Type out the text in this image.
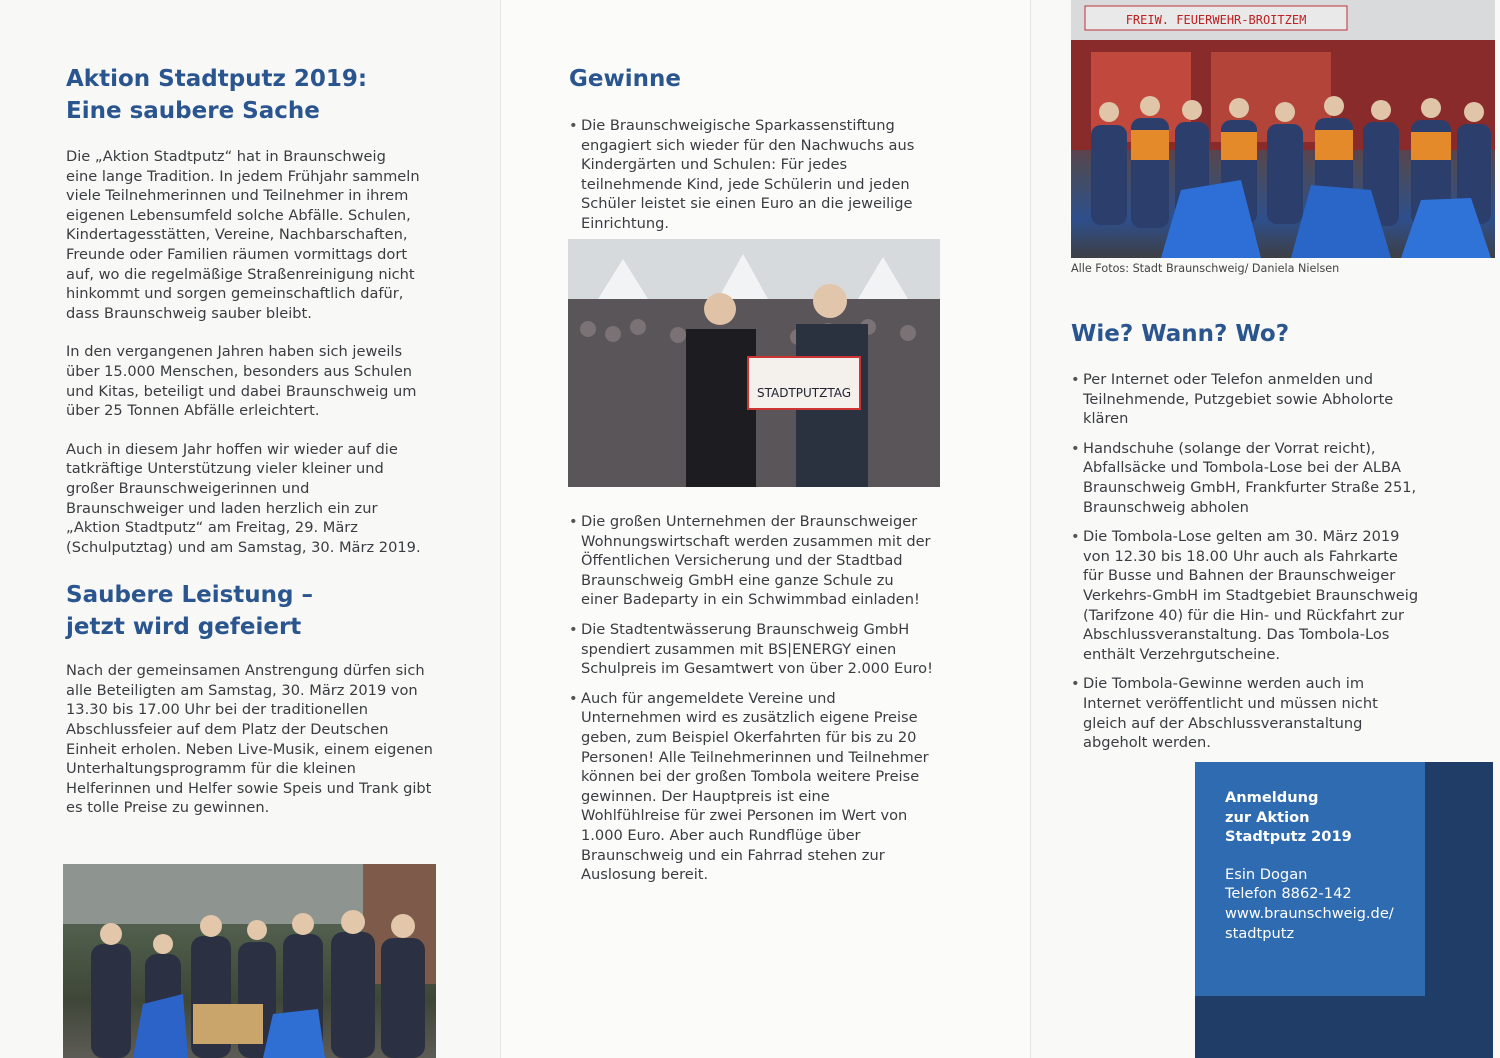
Aktion Stadtputz 2019:
Eine saubere Sache

Die „Aktion Stadtputz“ hat in Braunschweig eine lange Tradition. In jedem Frühjahr sammeln viele Teilnehmerinnen und Teilnehmer in ihrem eigenen Lebensumfeld solche Abfälle. Schulen, Kindertagesstätten, Vereine, Nachbarschaften, Freunde oder Familien räumen vormittags dort auf, wo die regelmäßige Straßenreinigung nicht hinkommt und sorgen gemeinschaftlich dafür, dass Braunschweig sauber bleibt.

In den vergangenen Jahren haben sich jeweils über 15.000 Menschen, besonders aus Schulen und Kitas, beteiligt und dabei Braunschweig um über 25 Tonnen Abfälle erleichtert.

Auch in diesem Jahr hoffen wir wieder auf die tatkräftige Unterstützung vieler kleiner und großer Braunschweigerinnen und Braunschweiger und laden herzlich ein zur „Aktion Stadtputz“ am Freitag, 29. März (Schulputztag) und am Samstag, 30. März 2019.

Saubere Leistung –
jetzt wird gefeiert

Nach der gemeinsamen Anstrengung dürfen sich alle Beteiligten am Samstag, 30. März 2019 von 13.30 bis 17.00 Uhr bei der traditionellen Abschlussfeier auf dem Platz der Deutschen Einheit erholen. Neben Live-Musik, einem eigenen Unterhaltungsprogramm für die kleinen Helferinnen und Helfer sowie Speis und Trank gibt es tolle Preise zu gewinnen.

Gewinne
• Die Braunschweigische Sparkassenstiftung engagiert sich wieder für den Nachwuchs aus Kindergärten und Schulen: Für jedes teilnehmende Kind, jede Schülerin und jeden Schüler leistet sie einen Euro an die jeweilige Einrichtung.
STADTPUTZTAG
• Die großen Unternehmen der Braunschweiger Wohnungswirtschaft werden zusammen mit der Öffentlichen Versicherung und der Stadtbad Braunschweig GmbH eine ganze Schule zu einer Badeparty in ein Schwimmbad einladen!
• Die Stadtentwässerung Braunschweig GmbH spendiert zusammen mit BS|ENERGY einen Schulpreis im Gesamtwert von über 2.000 Euro!
• Auch für angemeldete Vereine und Unternehmen wird es zusätzlich eigene Preise geben, zum Beispiel Okerfahrten für bis zu 20 Personen! Alle Teilnehmerinnen und Teilnehmer können bei der großen Tombola weitere Preise gewinnen. Der Hauptpreis ist eine Wohlfühlreise für zwei Personen im Wert von 1.000 Euro. Aber auch Rundflüge über Braunschweig und ein Fahrrad stehen zur Auslosung bereit.
FREIW. FEUERWEHR-BROITZEM
Alle Fotos: Stadt Braunschweig/ Daniela Nielsen
Wie? Wann? Wo?
• Per Internet oder Telefon anmelden und Teilnehmende, Putzgebiet sowie Abholorte klären
• Handschuhe (solange der Vorrat reicht), Abfallsäcke und Tombola-Lose bei der ALBA Braunschweig GmbH, Frankfurter Straße 251, Braunschweig abholen
• Die Tombola-Lose gelten am 30. März 2019 von 12.30 bis 18.00 Uhr auch als Fahrkarte für Busse und Bahnen der Braunschweiger Verkehrs-GmbH im Stadtgebiet Braunschweig (Tarifzone 40) für die Hin- und Rückfahrt zur Abschlussveranstaltung. Das Tombola-Los enthält Verzehrgutscheine.
• Die Tombola-Gewinne werden auch im Internet veröffentlicht und müssen nicht gleich auf der Abschlussveranstaltung abgeholt werden.

Anmeldung
zur Aktion
Stadtputz 2019

Esin Dogan

Telefon 8862-142

www.braunschweig.de/

stadtputz
